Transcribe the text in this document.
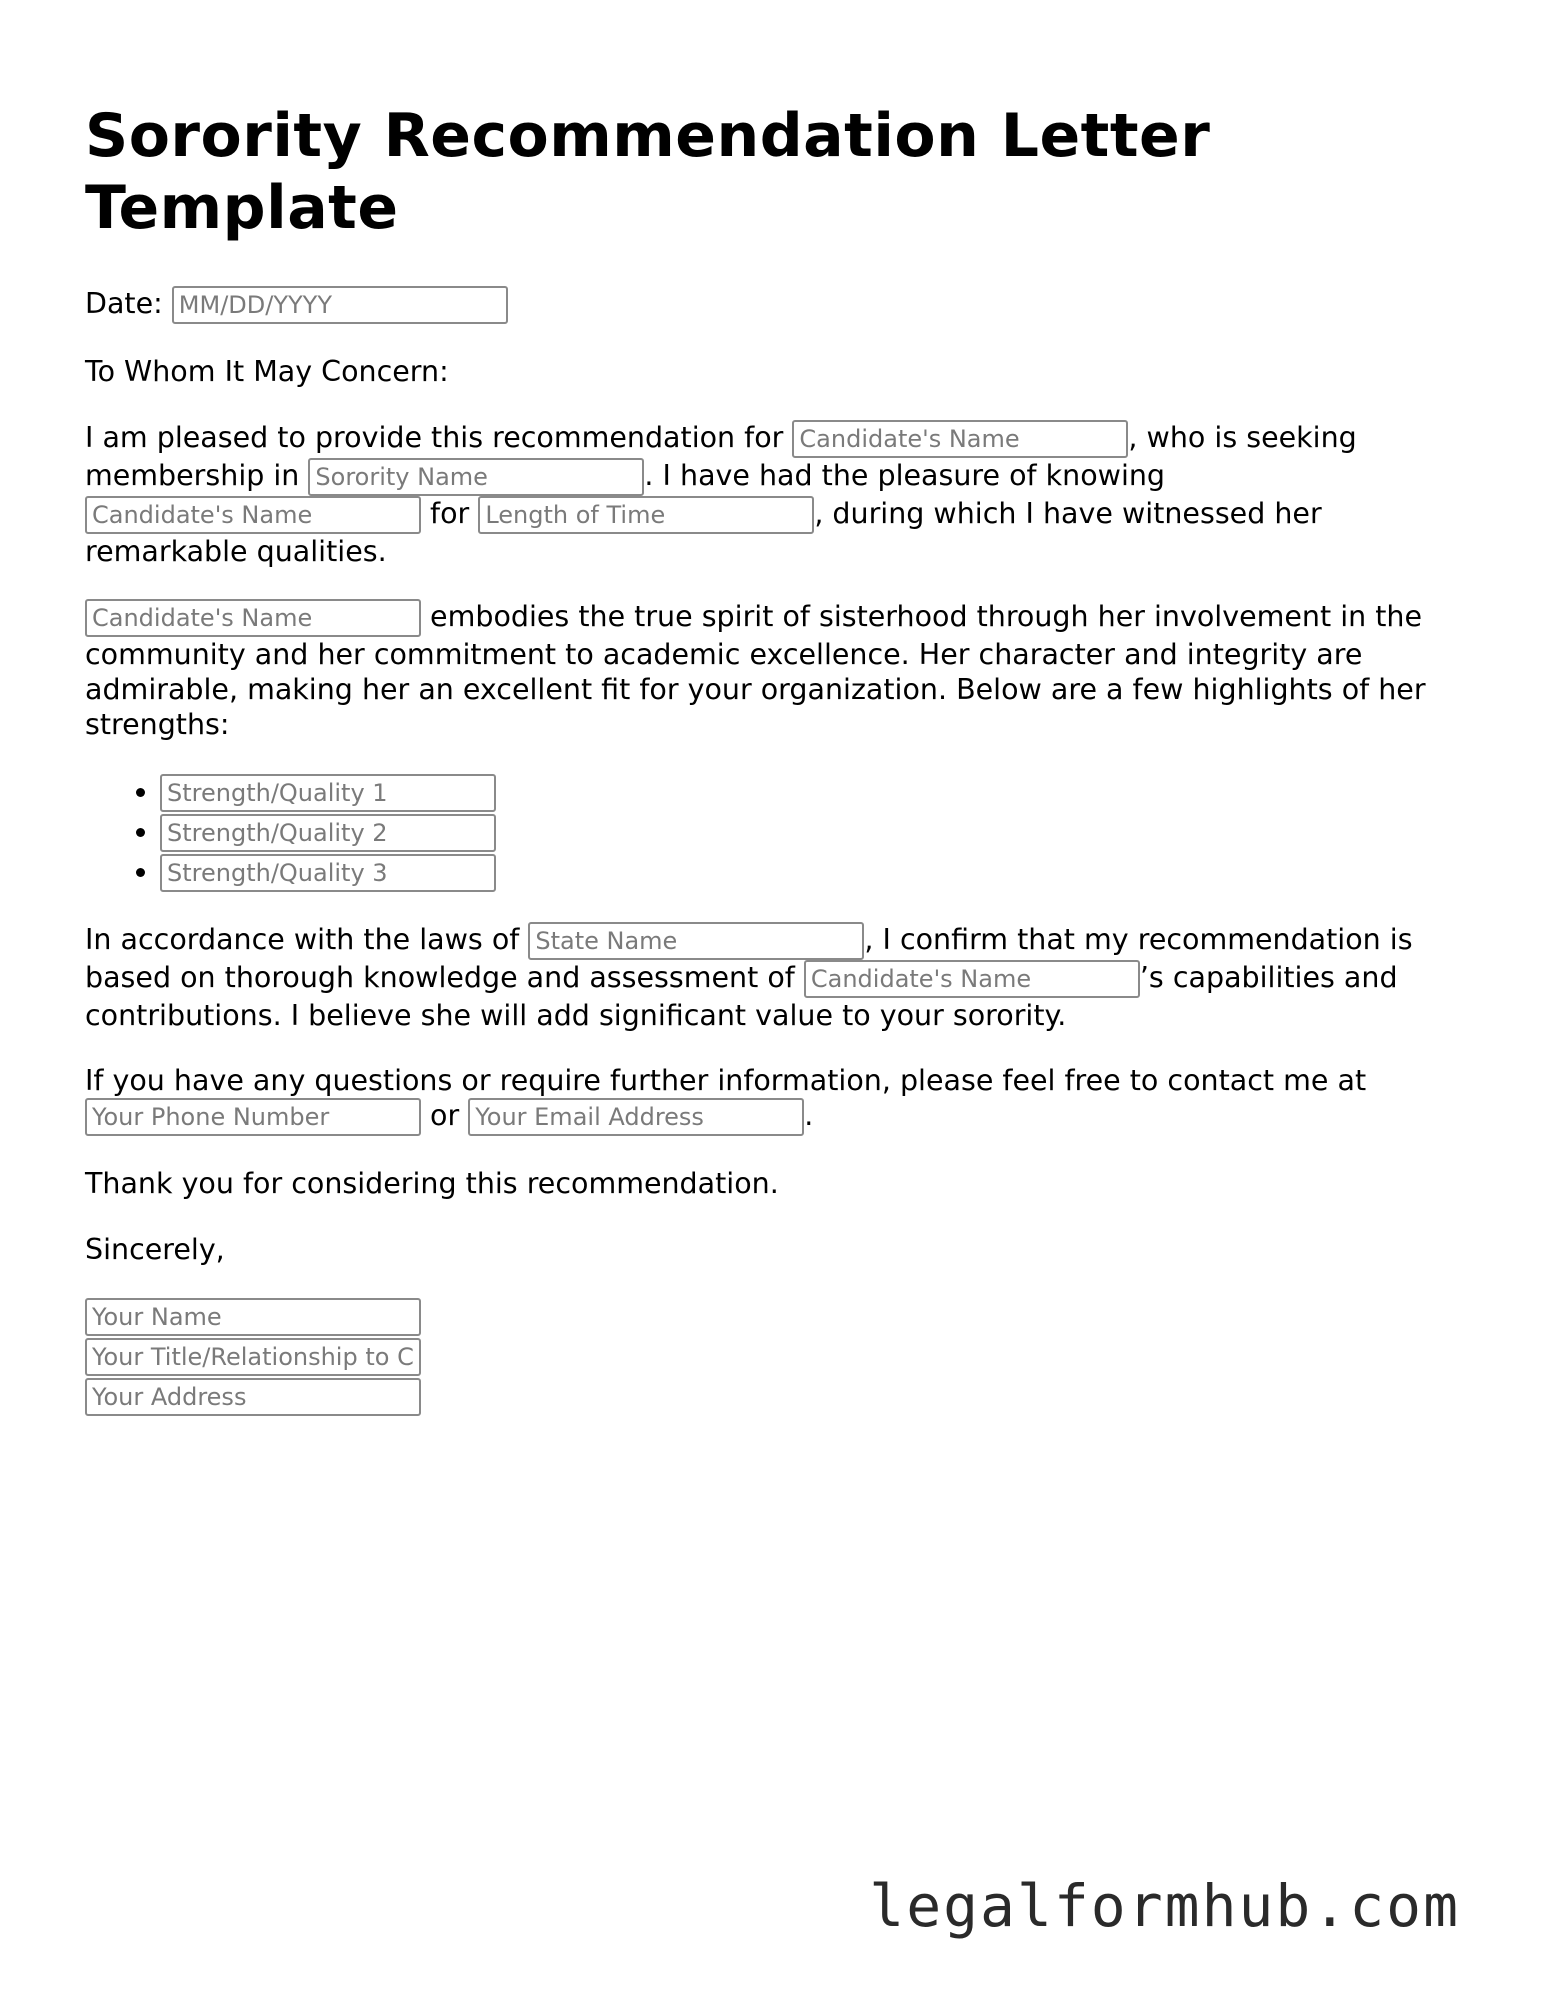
Sorority Recommendation Letter Template

Date: MM/DD/YYYY

To Whom It May Concern:

I am pleased to provide this recommendation for Candidate's Name	, who is seeking membership in Sorority Name	. I have had the pleasure of knowing Candidate's Name for Length of Time	, during which I have witnessed her remarkable qualities.

Candidate's Name embodies the true spirit of sisterhood through her involvement in the community and her commitment to academic excellence. Her character and integrity are admirable, making her an excellent fit for your organization. Below are a few highlights of her strengths:

• Strength/Quality 1
• Strength/Quality 2
• Strength/Quality 3

In accordance with the laws of State Name	, I confirm that my recommendation is based on thorough knowledge and assessment of Candidate's Name	’s capabilities and contributions. I believe she will add significant value to your sorority.

If you have any questions or require further information, please feel free to contact me at Your Phone Number or Your Email Address	.

Thank you for considering this recommendation.

Sincerely,

Your Name
Your Title/Relationship to Candidate
Your Address
legalformhub.com
